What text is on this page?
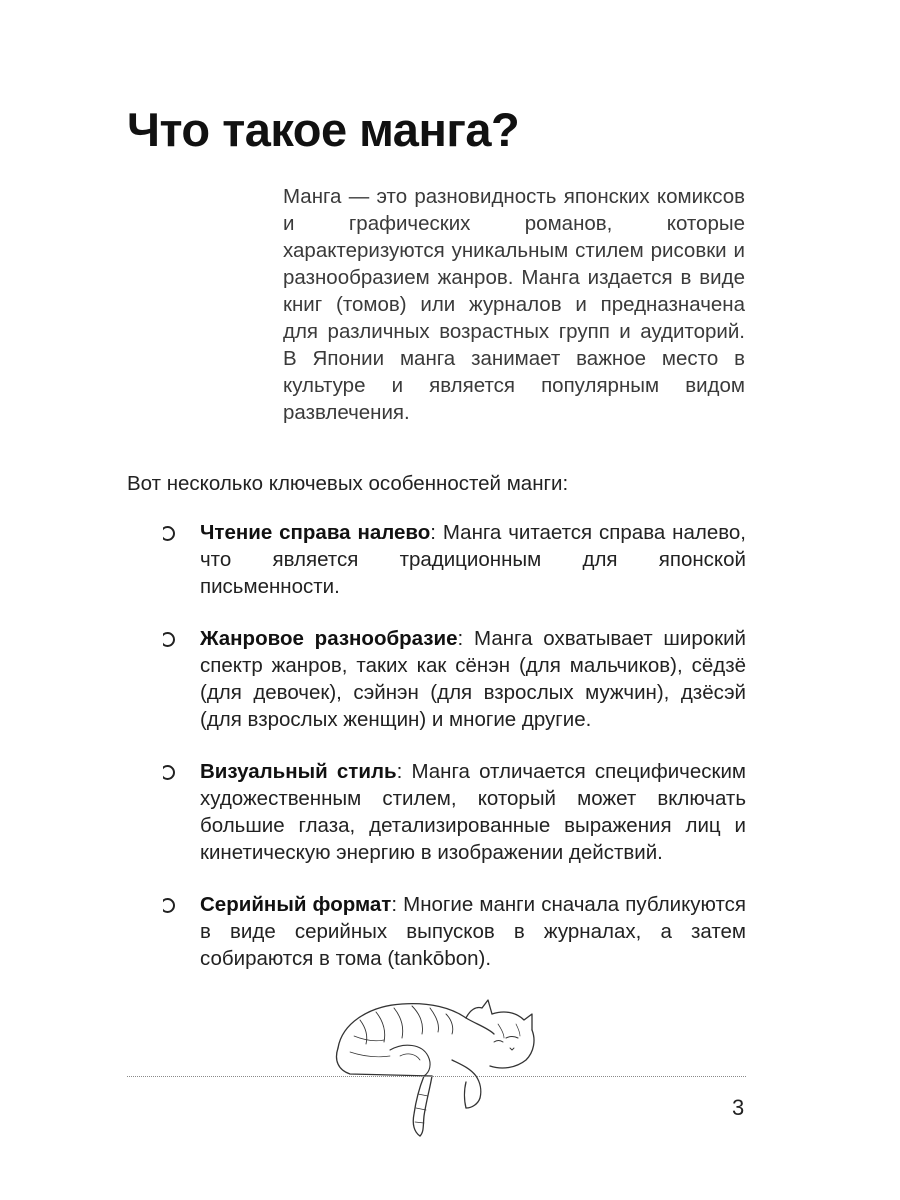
Что такое манга?

Манга — это разновидность японских комиксов и графических романов, которые характеризуются уникальным стилем рисовки и разнообразием жанров. Манга издается в виде книг (томов) или журналов и предназначена для различных возрастных групп и аудиторий. В Японии манга занимает важное место в культуре и является популярным видом развлечения.

Вот несколько ключевых особенностей манги:

Чтение справа налево: Манга читается справа налево, что является традиционным для японской письменности.
Жанровое разнообразие: Манга охватывает широкий спектр жанров, таких как сёнэн (для мальчиков), сёдзё (для девочек), сэйнэн (для взрослых мужчин), дзёсэй (для взрослых женщин) и многие другие.
Визуальный стиль: Манга отличается специфическим художественным стилем, который может включать большие глаза, детализированные выражения лиц и кинетическую энергию в изображении действий.
Серийный формат: Многие манги сначала публикуются в виде серийных выпусков в журналах, а затем собираются в тома (tankōbon).
3
